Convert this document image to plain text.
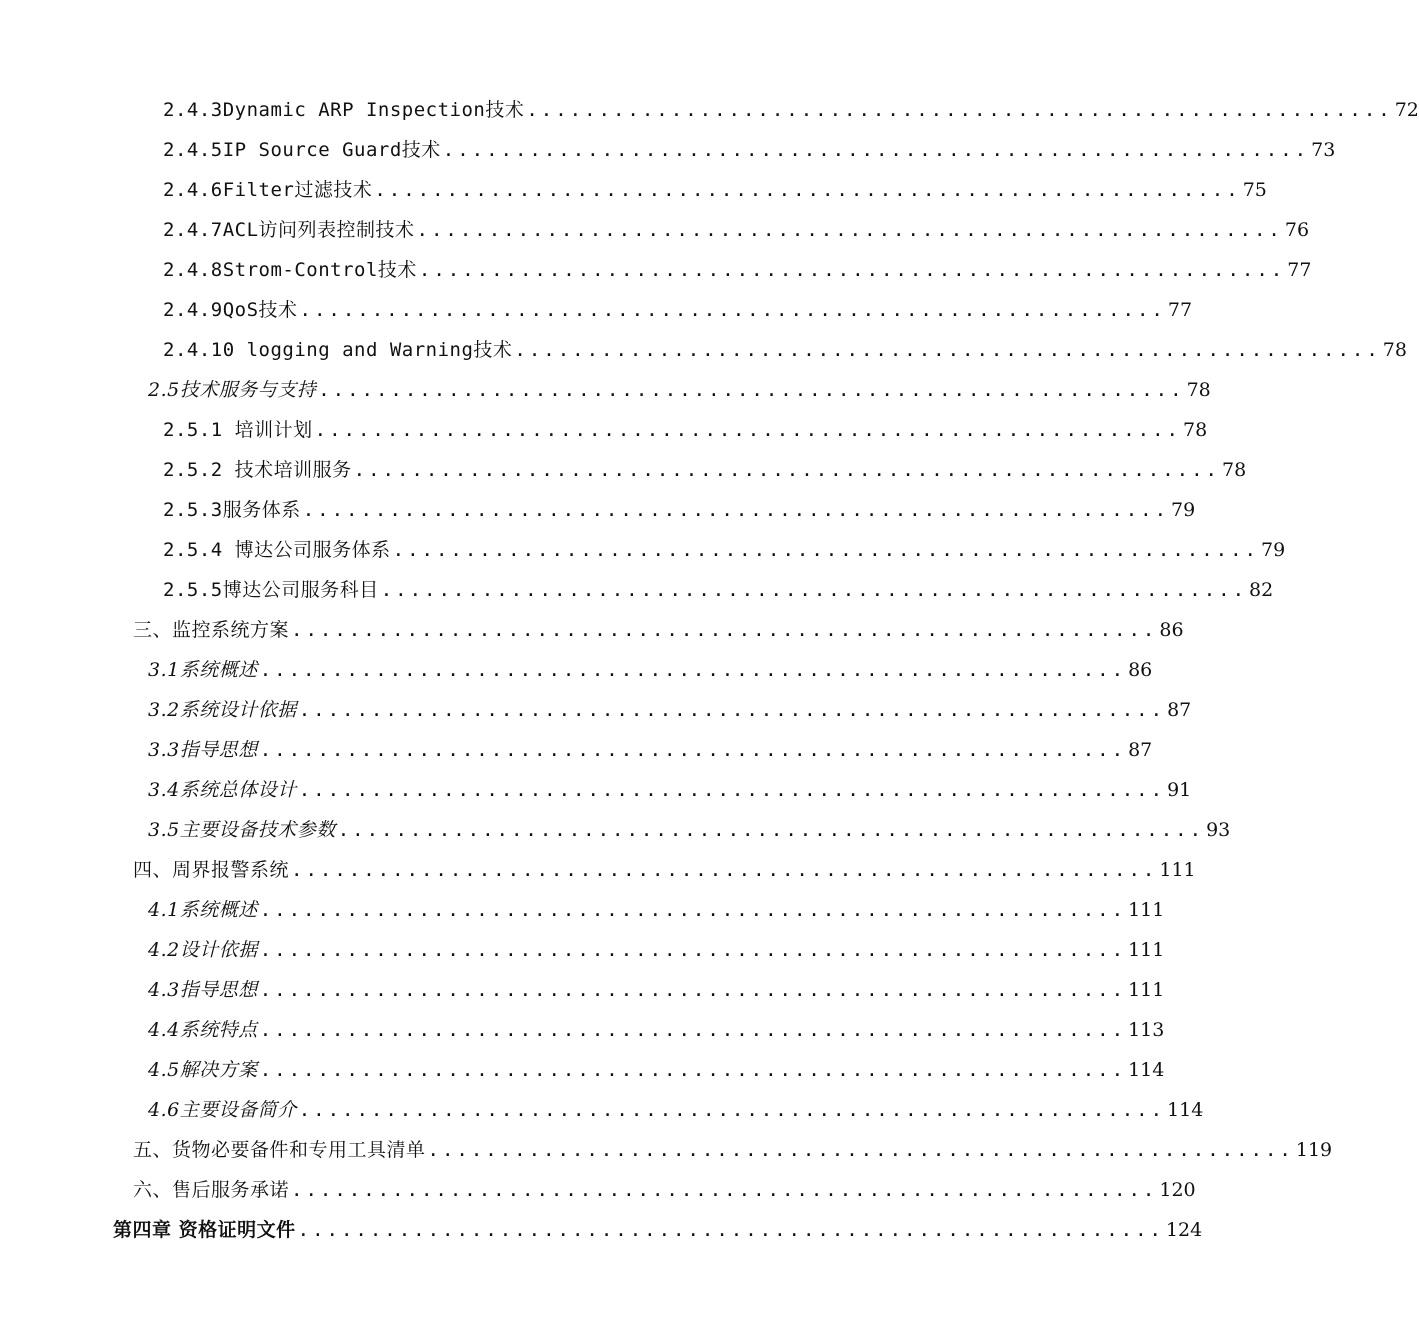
2.4.3Dynamic ARP Inspection技术 ............................................................ 72
2.4.5IP Source Guard技术 ............................................................ 73
2.4.6Filter过滤技术 ............................................................ 75
2.4.7ACL访问列表控制技术 ............................................................ 76
2.4.8Strom-Control技术 ............................................................ 77
2.4.9QoS技术 ............................................................ 77
2.4.10 logging and Warning技术 ............................................................ 78
2.5技术服务与支持 ............................................................ 78
2.5.1 培训计划 ............................................................ 78
2.5.2 技术培训服务 ............................................................ 78
2.5.3服务体系 ............................................................ 79
2.5.4 博达公司服务体系 ............................................................ 79
2.5.5博达公司服务科目 ............................................................ 82
三、监控系统方案 ............................................................ 86
3.1系统概述 ............................................................ 86
3.2系统设计依据 ............................................................ 87
3.3指导思想 ............................................................ 87
3.4系统总体设计 ............................................................ 91
3.5主要设备技术参数 ............................................................ 93
四、周界报警系统 ............................................................ 111
4.1系统概述 ............................................................ 111
4.2设计依据 ............................................................ 111
4.3指导思想 ............................................................ 111
4.4系统特点 ............................................................ 113
4.5解决方案 ............................................................ 114
4.6主要设备简介 ............................................................ 114
五、货物必要备件和专用工具清单 ............................................................ 119
六、售后服务承诺 ............................................................ 120
第四章 资格证明文件 ............................................................ 124
